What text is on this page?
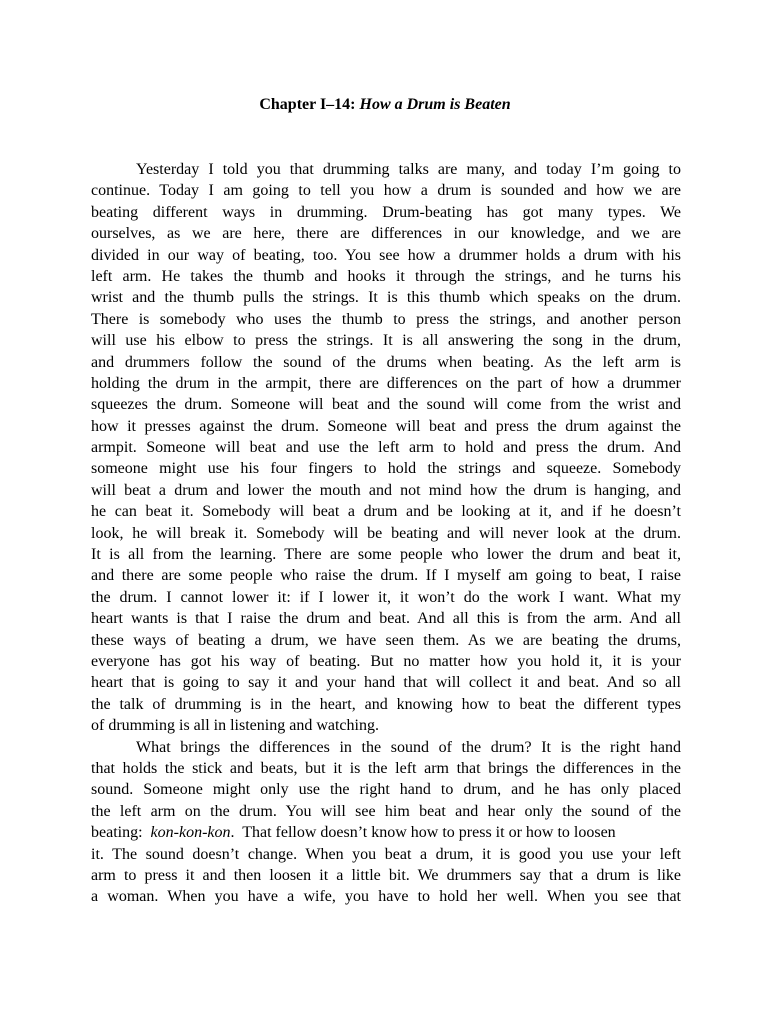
Chapter I–14: How a Drum is Beaten
Yesterday I told you that drumming talks are many, and today I’m going to
continue. Today I am going to tell you how a drum is sounded and how we are
beating different ways in drumming. Drum-beating has got many types. We
ourselves, as we are here, there are differences in our knowledge, and we are
divided in our way of beating, too. You see how a drummer holds a drum with his
left arm. He takes the thumb and hooks it through the strings, and he turns his
wrist and the thumb pulls the strings. It is this thumb which speaks on the drum.
There is somebody who uses the thumb to press the strings, and another person
will use his elbow to press the strings. It is all answering the song in the drum,
and drummers follow the sound of the drums when beating. As the left arm is
holding the drum in the armpit, there are differences on the part of how a drummer
squeezes the drum. Someone will beat and the sound will come from the wrist and
how it presses against the drum. Someone will beat and press the drum against the
armpit. Someone will beat and use the left arm to hold and press the drum. And
someone might use his four fingers to hold the strings and squeeze. Somebody
will beat a drum and lower the mouth and not mind how the drum is hanging, and
he can beat it. Somebody will beat a drum and be looking at it, and if he doesn’t
look, he will break it. Somebody will be beating and will never look at the drum.
It is all from the learning. There are some people who lower the drum and beat it,
and there are some people who raise the drum. If I myself am going to beat, I raise
the drum. I cannot lower it: if I lower it, it won’t do the work I want. What my
heart wants is that I raise the drum and beat. And all this is from the arm. And all
these ways of beating a drum, we have seen them. As we are beating the drums,
everyone has got his way of beating. But no matter how you hold it, it is your
heart that is going to say it and your hand that will collect it and beat. And so all
the talk of drumming is in the heart, and knowing how to beat the different types
of drumming is all in listening and watching.
What brings the differences in the sound of the drum? It is the right hand
that holds the stick and beats, but it is the left arm that brings the differences in the
sound. Someone might only use the right hand to drum, and he has only placed
the left arm on the drum. You will see him beat and hear only the sound of the
beating:  kon-kon-kon.  That fellow doesn’t know how to press it or how to loosen
it. The sound doesn’t change. When you beat a drum, it is good you use your left
arm to press it and then loosen it a little bit. We drummers say that a drum is like
a woman. When you have a wife, you have to hold her well. When you see that
